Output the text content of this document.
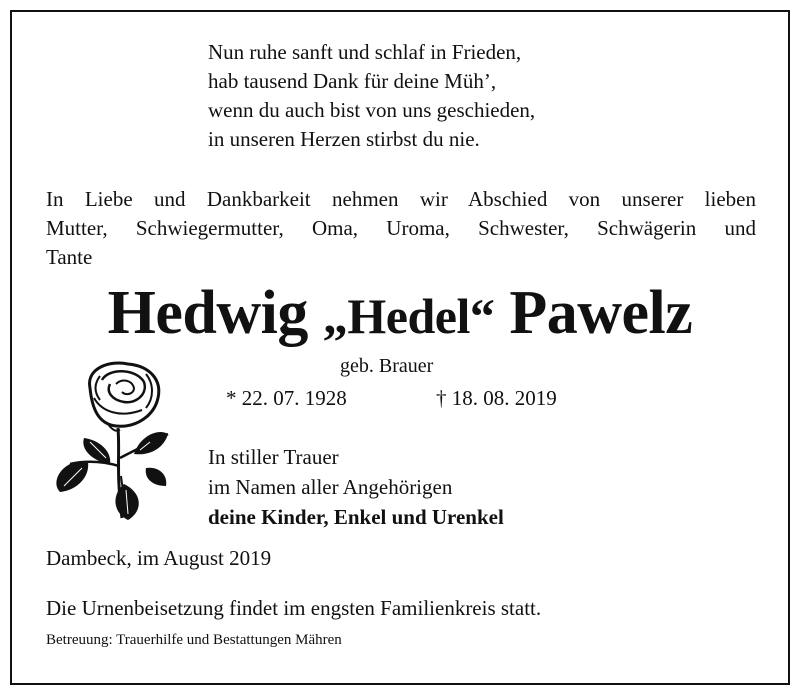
Nun ruhe sanft und schlaf in Frieden,
hab tausend Dank für deine Müh’,
wenn du auch bist von uns geschieden,
in unseren Herzen stirbst du nie.
In Liebe und Dankbarkeit nehmen wir Abschied von unserer lieben
Mutter, Schwiegermutter, Oma, Uroma, Schwester, Schwägerin und
Tante
Hedwig „Hedel“ Pawelz
geb. Brauer
* 22. 07. 1928	† 18. 08. 2019
In stiller Trauer
im Namen aller Angehörigen
deine Kinder, Enkel und Urenkel
Dambeck, im August 2019
Die Urnenbeisetzung findet im engsten Familienkreis statt.
Betreuung: Trauerhilfe und Bestattungen Mähren
